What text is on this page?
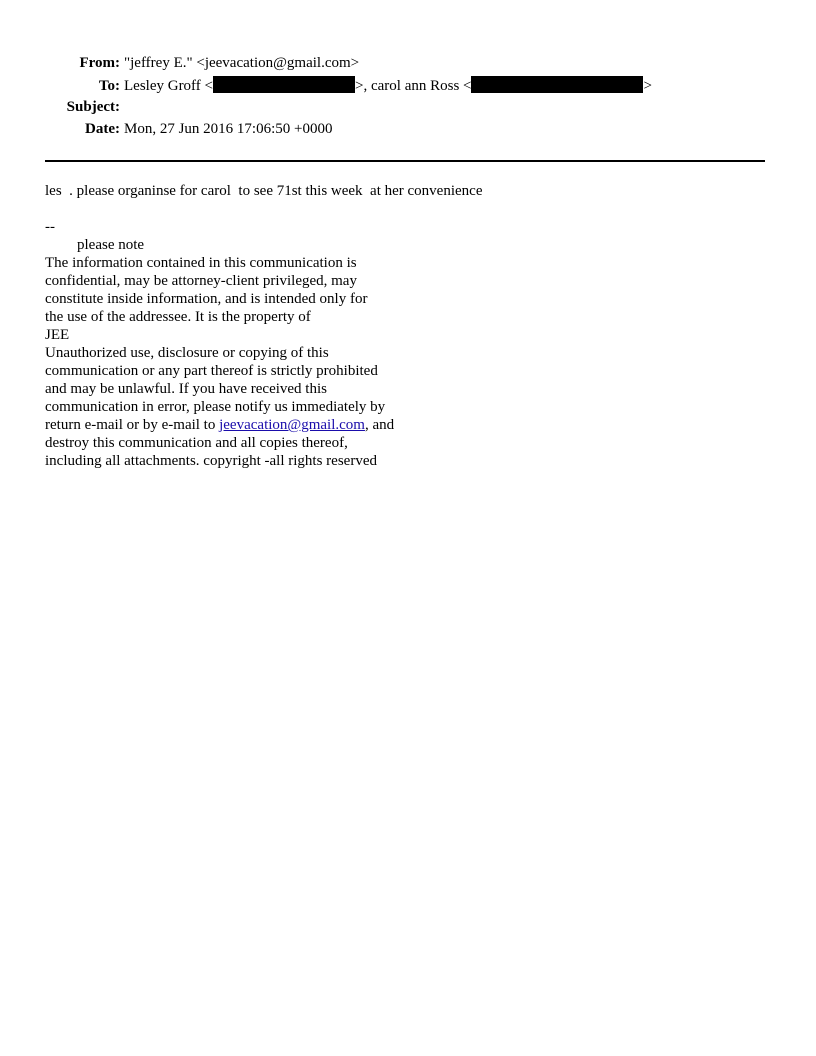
From: "jeffrey E." <jeevacation@gmail.com>
To: Lesley Groff <	>, carol ann Ross <	>
Subject:
Date: Mon, 27 Jun 2016 17:06:50 +0000
les  . please organinse for carol  to see 71st this week  at her convenience
--
please note
The information contained in this communication is
confidential, may be attorney-client privileged, may
constitute inside information, and is intended only for
the use of the addressee. It is the property of
JEE
Unauthorized use, disclosure or copying of this
communication or any part thereof is strictly prohibited
and may be unlawful. If you have received this
communication in error, please notify us immediately by
return e-mail or by e-mail to jeevacation@gmail.com, and
destroy this communication and all copies thereof,
including all attachments. copyright -all rights reserved
